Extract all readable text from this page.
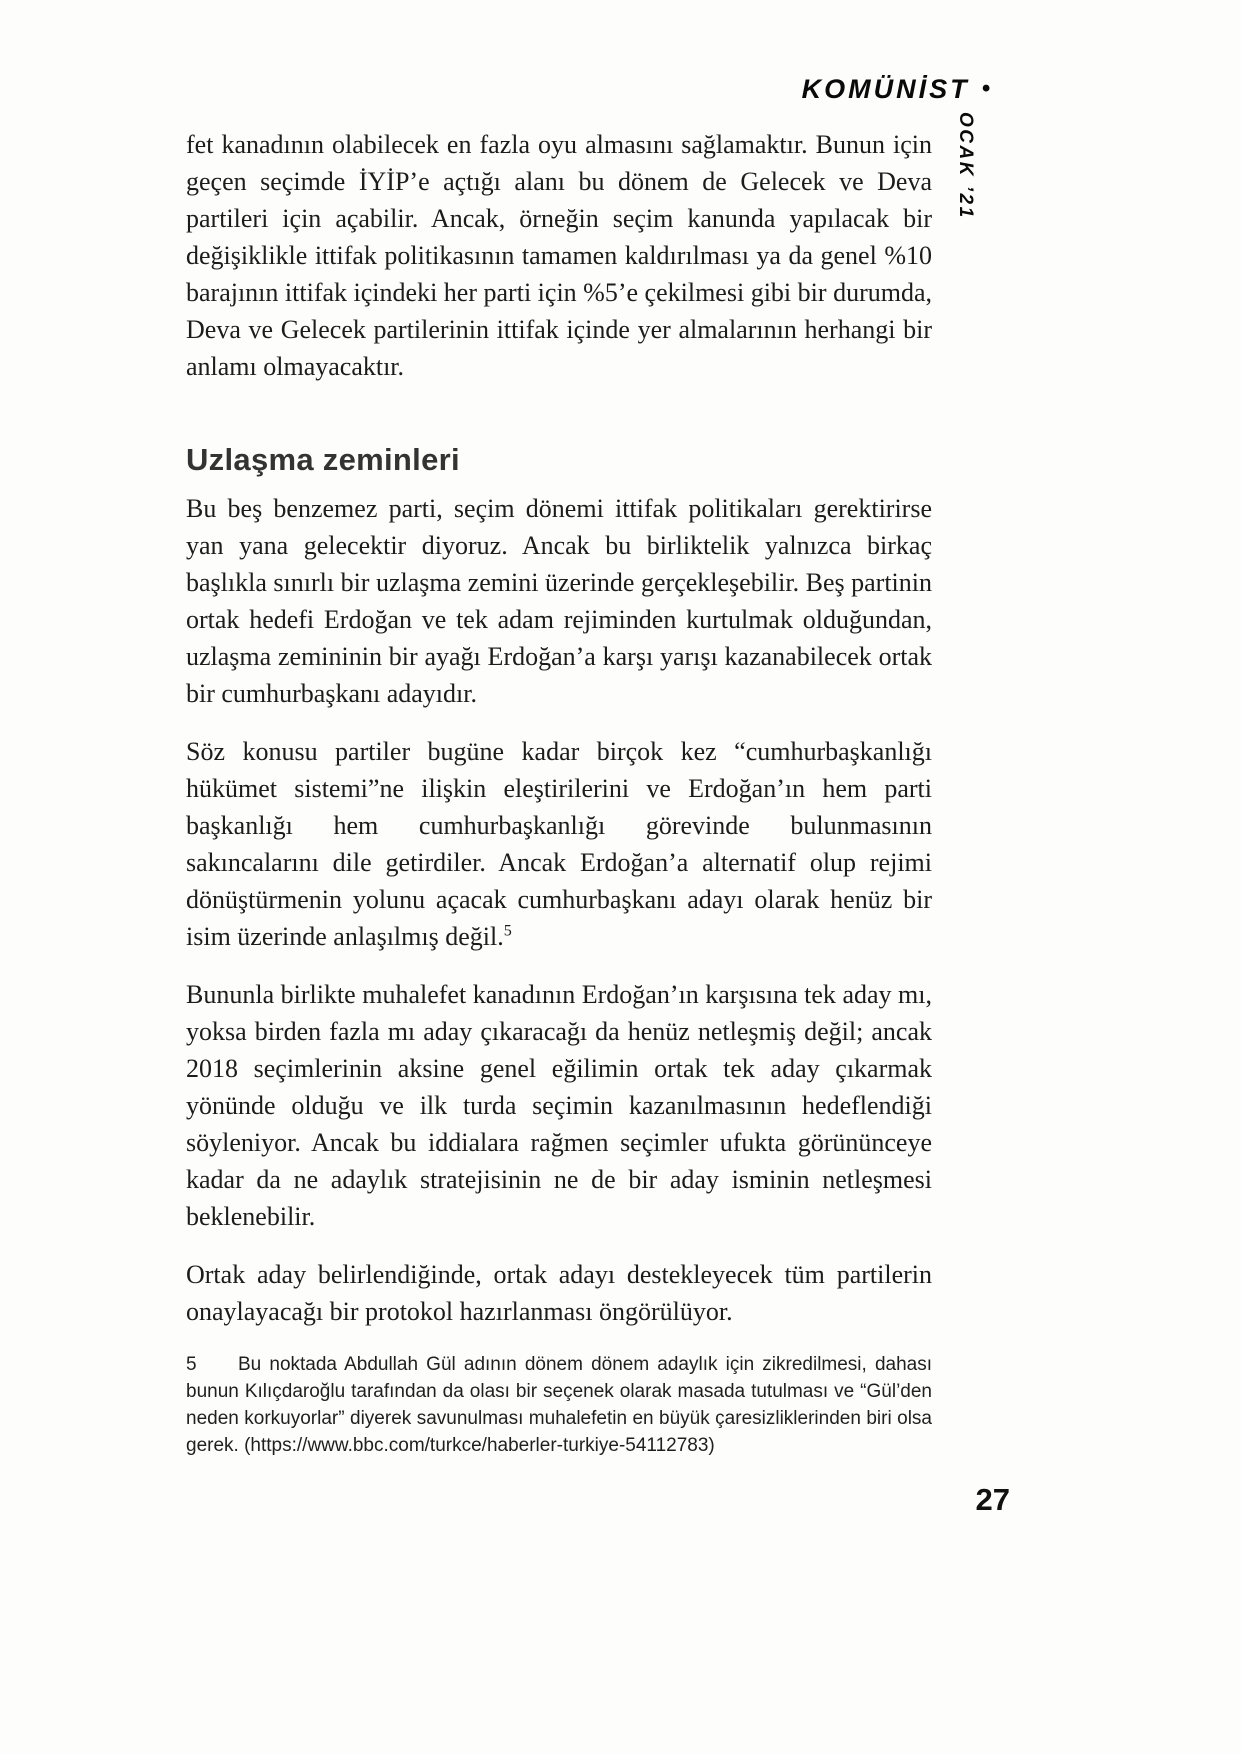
KOMÜNİST •
OCAK ’21

fet kanadının olabilecek en fazla oyu almasını sağlamaktır. Bunun için geçen seçimde İYİP’e açtığı alanı bu dönem de Gelecek ve Deva partileri için açabilir. Ancak, örneğin seçim kanunda yapılacak bir değişiklikle ittifak politikasının tamamen kaldırılması ya da genel %10 barajının ittifak içindeki her parti için %5’e çekilmesi gibi bir durumda, Deva ve Gelecek partilerinin ittifak içinde yer almalarının herhangi bir anlamı olmayacaktır.

Uzlaşma zeminleri

Bu beş benzemez parti, seçim dönemi ittifak politikaları gerektirirse yan yana gelecektir diyoruz. Ancak bu birliktelik yalnızca birkaç başlıkla sınırlı bir uzlaşma zemini üzerinde gerçekleşebilir. Beş partinin ortak hedefi Erdoğan ve tek adam rejiminden kurtulmak olduğundan, uzlaşma zemininin bir ayağı Erdoğan’a karşı yarışı kazanabilecek ortak bir cumhurbaşkanı adayıdır.

Söz konusu partiler bugüne kadar birçok kez “cumhurbaşkanlığı hükümet sistemi”ne ilişkin eleştirilerini ve Erdoğan’ın hem parti başkanlığı hem cumhurbaşkanlığı görevinde bulunmasının sakıncalarını dile getirdiler. Ancak Erdoğan’a alternatif olup rejimi dönüştürmenin yolunu açacak cumhurbaşkanı adayı olarak henüz bir isim üzerinde anlaşılmış değil.$^5$

Bununla birlikte muhalefet kanadının Erdoğan’ın karşısına tek aday mı, yoksa birden fazla mı aday çıkaracağı da henüz netleşmiş değil; ancak 2018 seçimlerinin aksine genel eğilimin ortak tek aday çıkarmak yönünde olduğu ve ilk turda seçimin kazanılmasının hedeflendiği söyleniyor. Ancak bu iddialara rağmen seçimler ufukta görününceye kadar da ne adaylık stratejisinin ne de bir aday isminin netleşmesi beklenebilir.

Ortak aday belirlendiğinde, ortak adayı destekleyecek tüm partilerin onaylayacağı bir protokol hazırlanması öngörülüyor.

5 Bu noktada Abdullah Gül adının dönem dönem adaylık için zikredilmesi, dahası bunun Kılıçdaroğlu tarafından da olası bir seçenek olarak masada tutulması ve “Gül’den neden korkuyorlar” diyerek savunulması muhalefetin en büyük çaresizliklerinden biri olsa gerek. (https://www.bbc.com/turkce/haberler-turkiye-54112783)
27
